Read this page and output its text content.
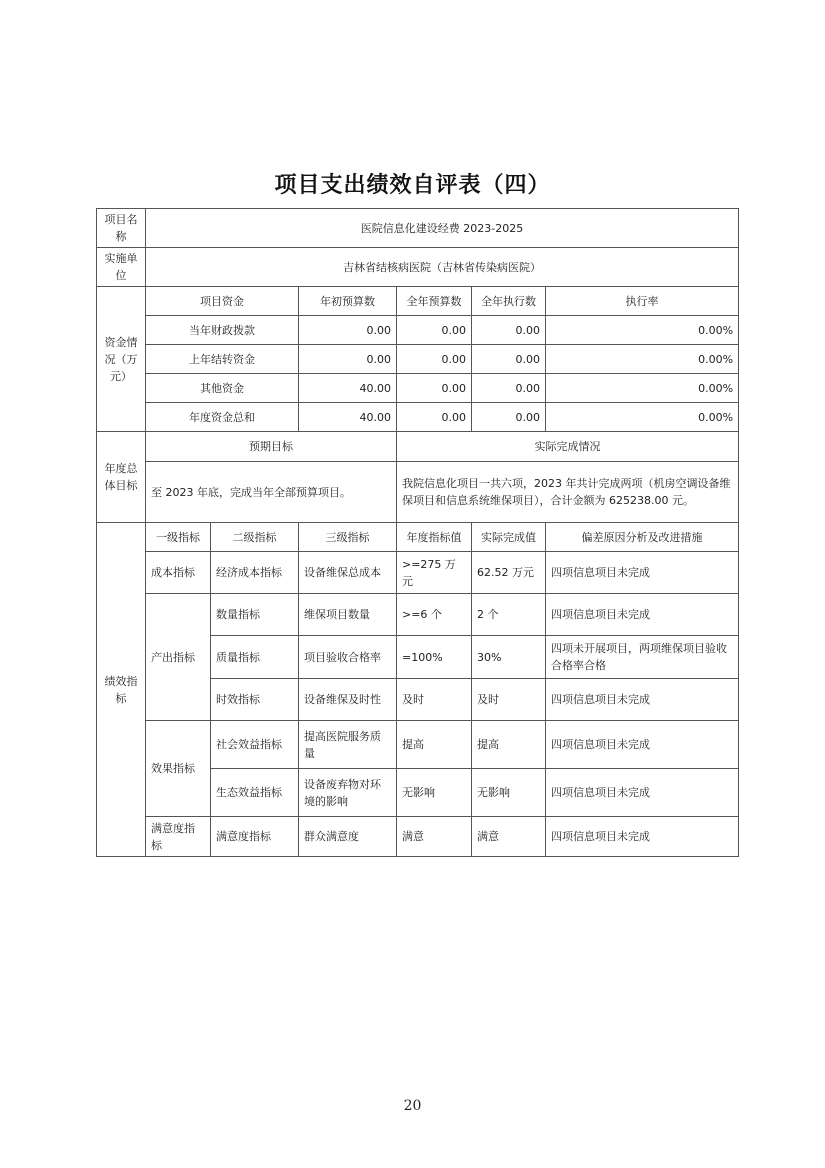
项目支出绩效自评表（四）
项目名称	医院信息化建设经费 2023-2025					
实施单位	吉林省结核病医院（吉林省传染病医院）					
资金情况（万元）	项目资金		年初预算数	全年预算数	全年执行数	执行率
	当年财政拨款		0.00	0.00	0.00	0.00%
	上年结转资金		0.00	0.00	0.00	0.00%
	其他资金		40.00	0.00	0.00	0.00%
	年度资金总和		40.00	0.00	0.00	0.00%
年度总体目标	预期目标			实际完成情况		
	至 2023 年底，完成当年全部预算项目。			我院信息化项目一共六项，2023 年共计完成两项（机房空调设备维保项目和信息系统维保项目），合计金额为 625238.00 元。		
绩效指标	一级指标	二级指标	三级指标	年度指标值	实际完成值	偏差原因分析及改进措施
	成本指标	经济成本指标	设备维保总成本	>=275 万元	62.52 万元	四项信息项目未完成
	产出指标	数量指标	维保项目数量	>=6 个	2 个	四项信息项目未完成
		质量指标	项目验收合格率	=100%	30%	四项未开展项目，两项维保项目验收合格率合格
		时效指标	设备维保及时性	及时	及时	四项信息项目未完成
	效果指标	社会效益指标	提高医院服务质量	提高	提高	四项信息项目未完成
		生态效益指标	设备废弃物对环境的影响	无影响	无影响	四项信息项目未完成
	满意度指标	满意度指标	群众满意度	满意	满意	四项信息项目未完成
20
